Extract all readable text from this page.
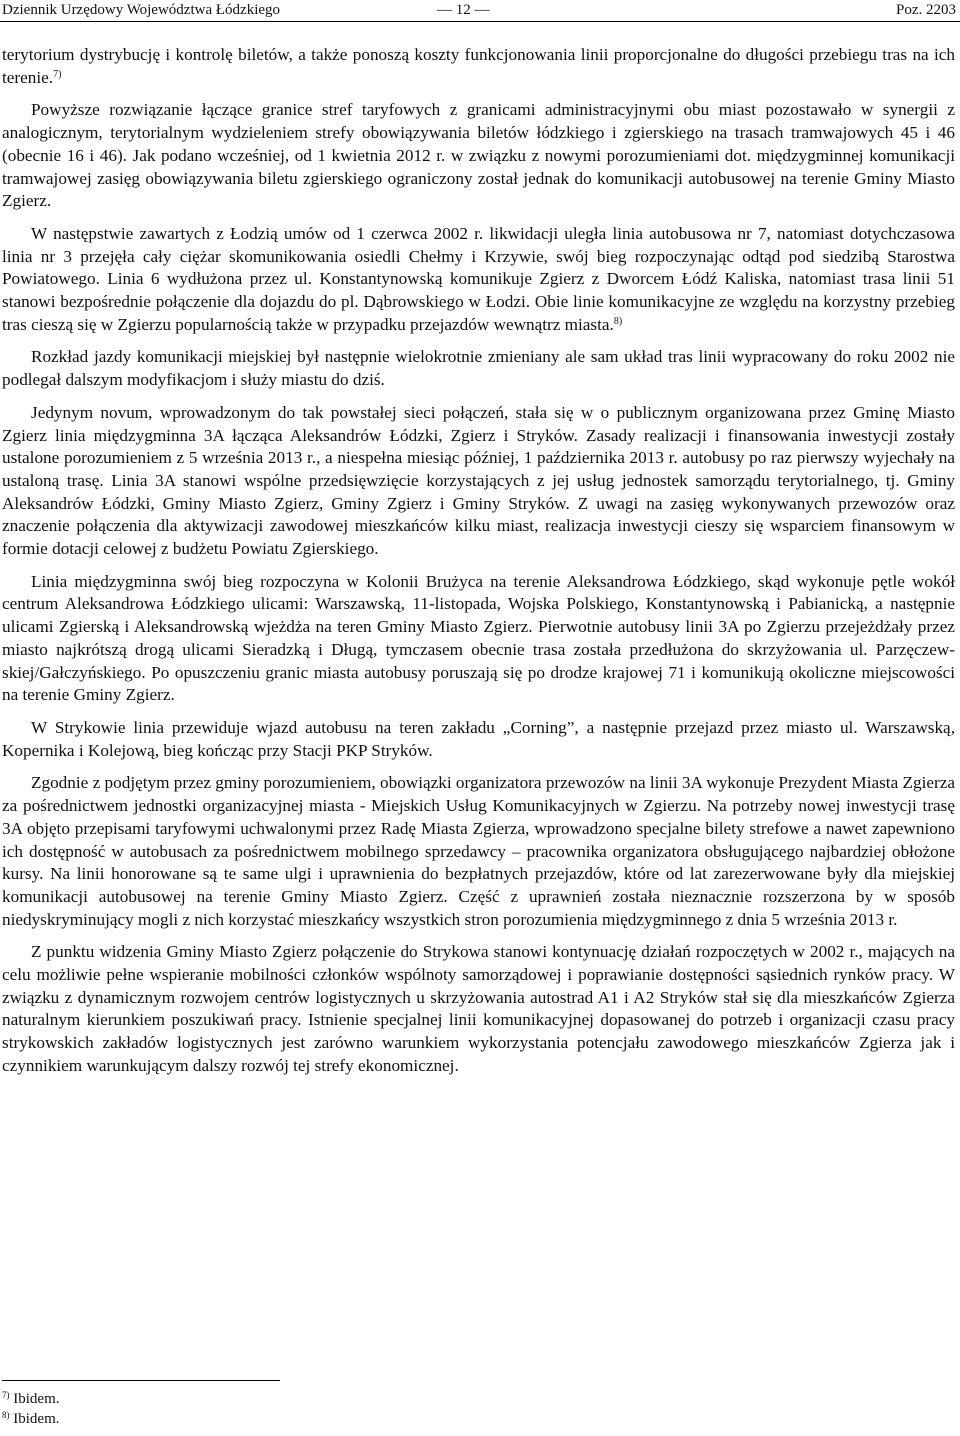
Dziennik Urzędowy Województwa Łódzkiego	— 12 —	Poz. 2203

terytorium dystrybucję i kontrolę biletów, a także ponoszą koszty funkcjonowania linii proporcjonalne do długości przebiegu tras na ich terenie.$^{7)}$

Powyższe rozwiązanie łączące granice stref taryfowych z granicami administracyjnymi obu miast pozostawało w synergii z analogicznym, terytorialnym wydzieleniem strefy obowiązywania biletów łódzkiego i zgierskiego na trasach tramwajowych 45 i 46 (obecnie 16 i 46). Jak podano wcześniej, od 1 kwietnia 2012 r. w związku z nowymi porozumieniami dot. międzygminnej komunikacji tramwajowej zasięg obowiązywania biletu zgierskiego ograniczony został jednak do komunikacji autobusowej na terenie Gminy Miasto Zgierz.

W następstwie zawartych z Łodzią umów od 1 czerwca 2002 r. likwidacji uległa linia autobusowa nr 7, natomiast dotychczasowa linia nr 3 przejęła cały ciężar skomunikowania osiedli Chełmy i Krzywie, swój bieg rozpoczynając odtąd pod siedzibą Starostwa Powiatowego. Linia 6 wydłużona przez ul. Konstantynowską komunikuje Zgierz z Dworcem Łódź Kaliska, natomiast trasa linii 51 stanowi bezpośrednie połączenie dla dojazdu do pl. Dąbrowskiego w Łodzi. Obie linie komunikacyjne ze względu na korzystny przebieg tras cieszą się w Zgierzu popularnością także w przypadku przejazdów wewnątrz miasta.$^{8)}$

Rozkład jazdy komunikacji miejskiej był następnie wielokrotnie zmieniany ale sam układ tras linii wypracowany do roku 2002 nie podlegał dalszym modyfikacjom i służy miastu do dziś.

Jedynym novum, wprowadzonym do tak powstałej sieci połączeń, stała się w o publicznym organizowana przez Gminę Miasto Zgierz linia międzygminna 3A łącząca Aleksandrów Łódzki, Zgierz i Stryków. Zasady realizacji i finansowania inwestycji zostały ustalone porozumieniem z 5 września 2013 r., a niespełna miesiąc później, 1 października 2013 r. autobusy po raz pierwszy wyjechały na ustaloną trasę. Linia 3A stanowi wspólne przedsięwzięcie korzystających z jej usług jednostek samorządu terytorialnego, tj. Gminy Aleksandrów Łódzki, Gminy Miasto Zgierz, Gminy Zgierz i Gminy Stryków. Z uwagi na zasięg wykonywanych przewozów oraz znaczenie połączenia dla aktywizacji zawodowej mieszkańców kilku miast, realizacja inwestycji cieszy się wsparciem finansowym w formie dotacji celowej z budżetu Powiatu Zgierskiego.

Linia międzygminna swój bieg rozpoczyna w Kolonii Brużyca na terenie Aleksandrowa Łódzkiego, skąd wykonuje pętle wokół centrum Aleksandrowa Łódzkiego ulicami: Warszawską, 11-listopada, Wojska Polskiego, Konstantynowską i Pabianicką, a następnie ulicami Zgierską i Aleksandrowską wjeżdża na teren Gminy Miasto Zgierz. Pierwotnie autobusy linii 3A po Zgierzu przejeżdżały przez miasto najkrótszą drogą ulicami Sieradzką i Długą, tymczasem obecnie trasa została przedłużona do skrzyżowania ul. Parzęczewskiej/Gałczyńskiego. Po opuszczeniu granic miasta autobusy poruszają się po drodze krajowej 71 i komunikują okoliczne miejscowości na terenie Gminy Zgierz.

W Strykowie linia przewiduje wjazd autobusu na teren zakładu „Corning”, a następnie przejazd przez miasto ul. Warszawską, Kopernika i Kolejową, bieg kończąc przy Stacji PKP Stryków.

Zgodnie z podjętym przez gminy porozumieniem, obowiązki organizatora przewozów na linii 3A wykonuje Prezydent Miasta Zgierza za pośrednictwem jednostki organizacyjnej miasta - Miejskich Usług Komunikacyjnych w Zgierzu. Na potrzeby nowej inwestycji trasę 3A objęto przepisami taryfowymi uchwalonymi przez Radę Miasta Zgierza, wprowadzono specjalne bilety strefowe a nawet zapewniono ich dostępność w autobusach za pośrednictwem mobilnego sprzedawcy – pracownika organizatora obsługującego najbardziej obłożone kursy. Na linii honorowane są te same ulgi i uprawnienia do bezpłatnych przejazdów, które od lat zarezerwowane były dla miejskiej komunikacji autobusowej na terenie Gminy Miasto Zgierz. Część z uprawnień została nieznacznie rozszerzona by w sposób niedyskryminujący mogli z nich korzystać mieszkańcy wszystkich stron porozumienia międzygminnego z dnia 5 września 2013 r.

Z punktu widzenia Gminy Miasto Zgierz połączenie do Strykowa stanowi kontynuację działań rozpoczętych w 2002 r., mających na celu możliwie pełne wspieranie mobilności członków wspólnoty samorządowej i poprawianie dostępności sąsiednich rynków pracy. W związku z dynamicznym rozwojem centrów logistycznych u skrzyżowania autostrad A1 i A2 Stryków stał się dla mieszkańców Zgierza naturalnym kierunkiem poszukiwań pracy. Istnienie specjalnej linii komunikacyjnej dopasowanej do potrzeb i organizacji czasu pracy strykowskich zakładów logistycznych jest zarówno warunkiem wykorzystania potencjału zawodowego mieszkańców Zgierza jak i czynnikiem warunkującym dalszy rozwój tej strefy ekonomicznej.

$^{7)}$ Ibidem.

$^{8)}$ Ibidem.
